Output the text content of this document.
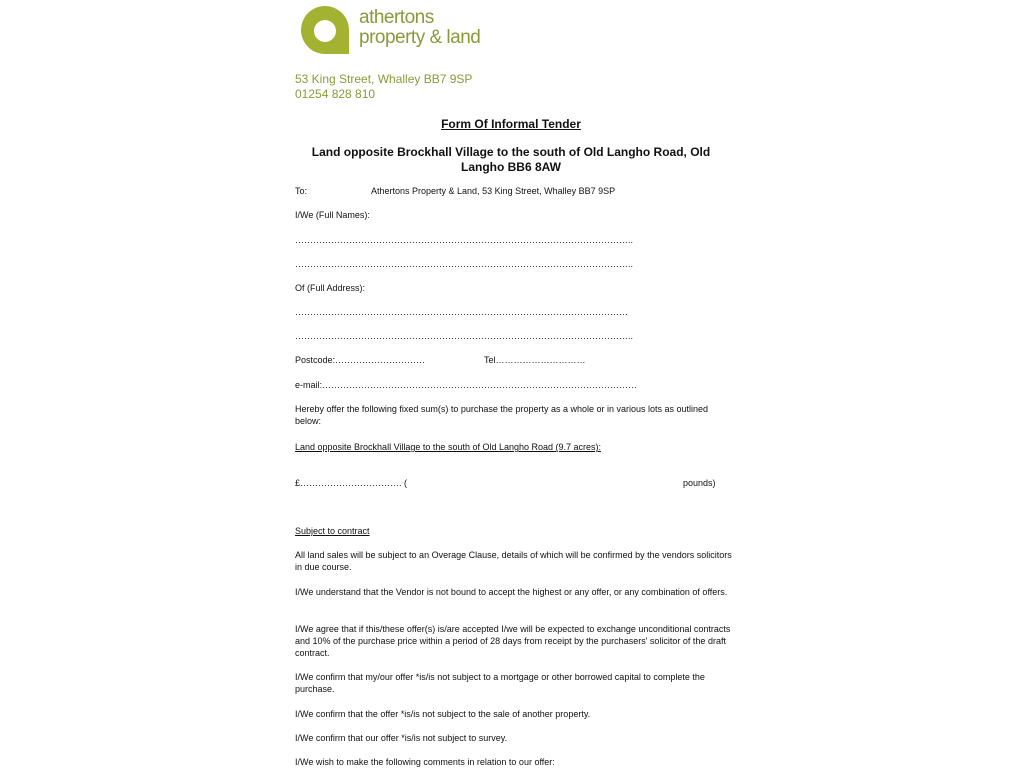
athertons
property & land
53 King Street, Whalley BB7 9SP
01254 828 810
Form Of Informal Tender
Land opposite Brockhall Village to the south of Old Langho Road, Old
Langho BB6 8AW
To:	Athertons Property & Land, 53 King Street, Whalley BB7 9SP
I/We (Full Names):
…………………………………………………………………………………………………..
…………………………………………………………………………………………………..
Of (Full Address):
…………………………………………………………………………………………………
…………………………………………………………………………………………………..
Postcode:…………………………	Tel…………………………
e-mail:……………………………………………………………………………………………
Hereby offer the following fixed sum(s) to purchase the property as a whole or in various lots as outlined below:
Land opposite Brockhall Village to the south of Old Langho Road (9.7 acres):
£……………………………. (	pounds)
Subject to contract
All land sales will be subject to an Overage Clause, details of which will be confirmed by the vendors solicitors in due course.
I/We understand that the Vendor is not bound to accept the highest or any offer, or any combination of offers.
I/We agree that if this/these offer(s) is/are accepted I/we will be expected to exchange unconditional contracts and 10% of the purchase price within a period of 28 days from receipt by the purchasers' solicitor of the draft contract.
I/We confirm that my/our offer *is/is not subject to a mortgage or other borrowed capital to complete the purchase.
I/We confirm that the offer *is/is not subject to the sale of another property.
I/We confirm that our offer *is/is not subject to survey.
I/We wish to make the following comments in relation to our offer:
